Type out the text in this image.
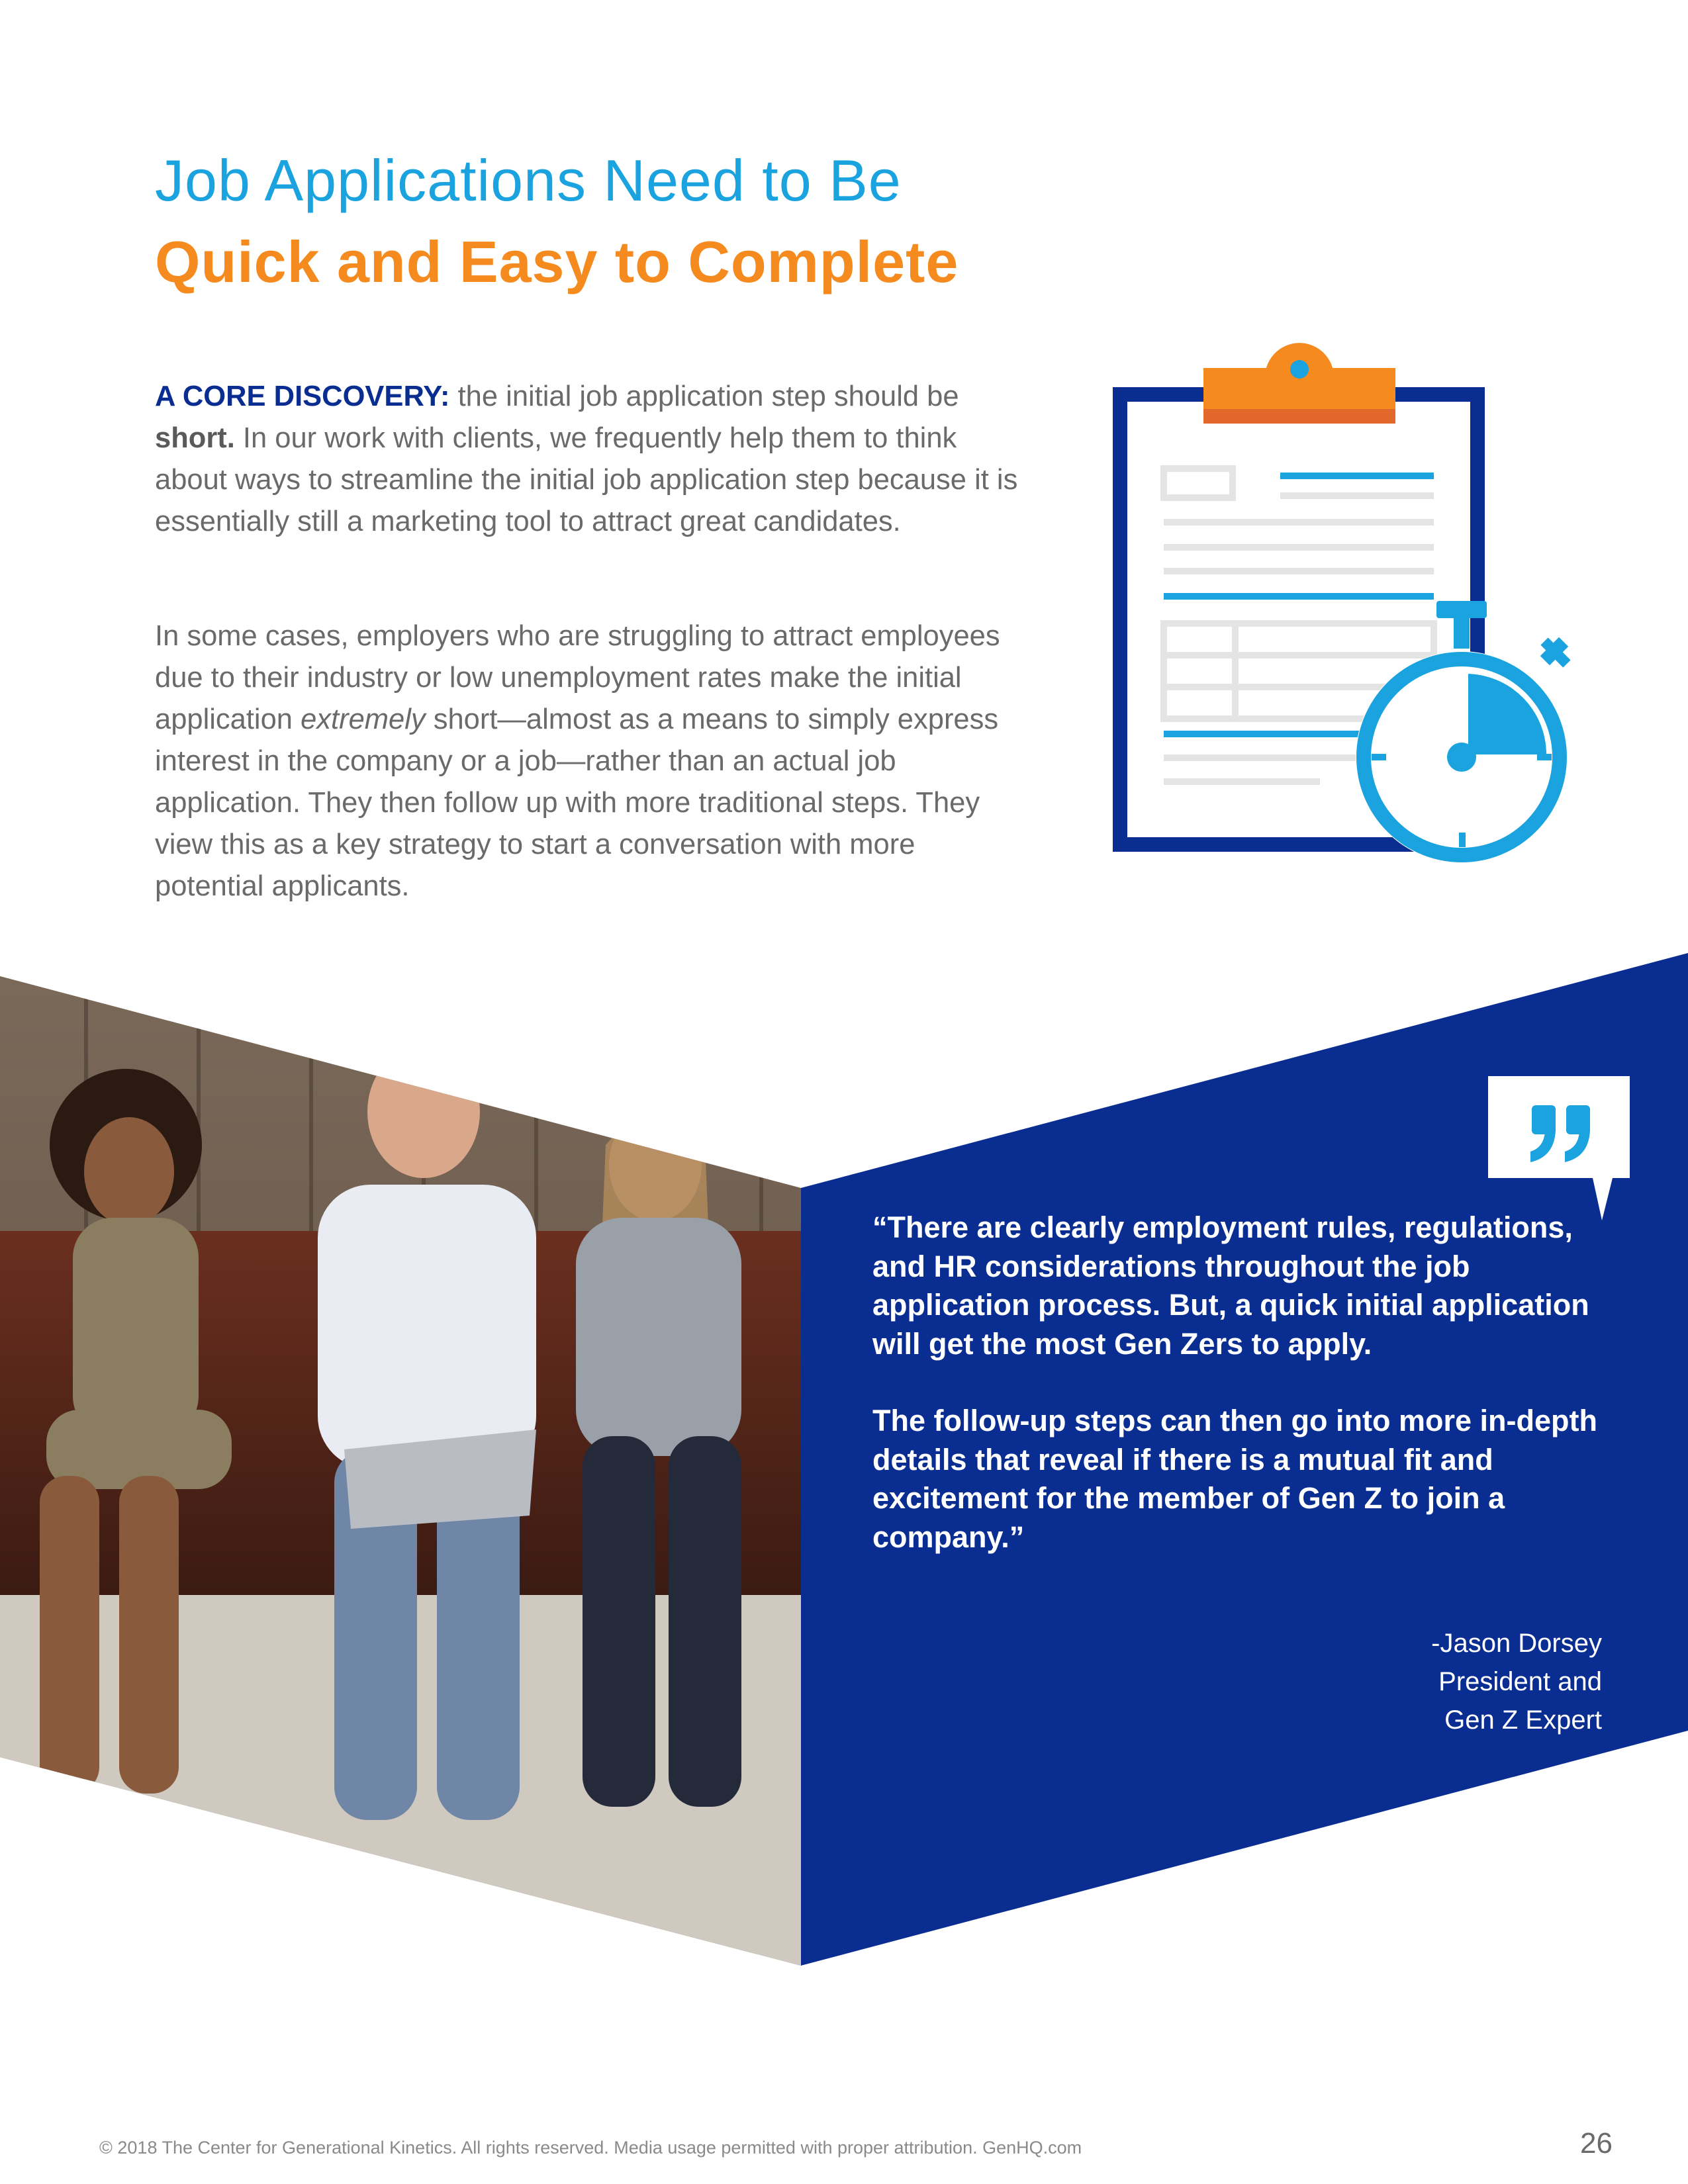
Job Applications Need to Be
Quick and Easy to Complete
A CORE DISCOVERY: the initial job application step should be short. In our work with clients, we frequently help them to think about ways to streamline the initial job application step because it is essentially still a marketing tool to attract great candidates.
In some cases, employers who are struggling to attract employees due to their industry or low unemployment rates make the initial application extremely short—almost as a means to simply express interest in the company or a job—rather than an actual job application. They then follow up with more traditional steps. They view this as a key strategy to start a conversation with more potential applicants.

“There are clearly employment rules, regulations, and HR considerations throughout the job application process. But, a quick initial application will get the most Gen Zers to apply.

The follow-up steps can then go into more in-depth details that reveal if there is a mutual fit and excitement for the member of Gen Z to join a company.”

-Jason Dorsey
President and
Gen Z Expert
© 2018 The Center for Generational Kinetics. All rights reserved. Media usage permitted with proper attribution. GenHQ.com	26
